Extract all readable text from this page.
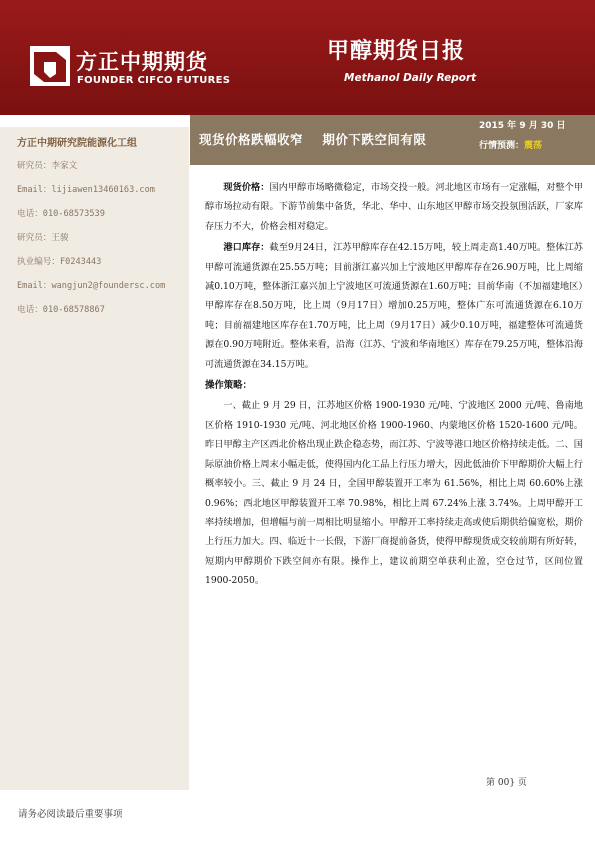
方正中期期货
FOUNDER CIFCO FUTURES
甲醇期货日报
Methanol Daily Report
方正中期研究院能源化工组
研究员：李家文
Email：lijiawen13460163.com
电话：010-68573539
研究员：王骏
执业编号：F0243443
Email：wangjun2@foundersc.com
电话：010-68578867
现货价格跌幅收窄    期价下跌空间有限
2015 年 9 月 30 日
行情预测：震荡

现货价格：国内甲醇市场略微稳定，市场交投一般。河北地区市场有一定涨幅，对整个甲醇市场拉动有限。下游节前集中备货，华北、华中、山东地区甲醇市场交投氛围活跃，厂家库存压力不大，价格会相对稳定。

港口库存：截至9月24日，江苏甲醇库存在42.15万吨，较上周走高1.40万吨。整体江苏甲醇可流通货源在25.55万吨；目前浙江嘉兴加上宁波地区甲醇库存在26.90万吨，比上周缩减0.10万吨，整体浙江嘉兴加上宁波地区可流通货源在1.60万吨；目前华南（不加福建地区）甲醇库存在8.50万吨，比上周（9月17日）增加0.25万吨，整体广东可流通货源在6.10万吨；目前福建地区库存在1.70万吨，比上周（9月17日）减少0.10万吨，福建整体可流通货源在0.90万吨附近。整体来看，沿海（江苏、宁波和华南地区）库存在79.25万吨，整体沿海可流通货源在34.15万吨。

操作策略：

一、截止 9 月 29 日，江苏地区价格 1900-1930 元/吨、宁波地区 2000 元/吨、鲁南地区价格 1910-1930 元/吨、河北地区价格 1900-1960、内蒙地区价格 1520-1600 元/吨。昨日甲醇主产区西北价格出现止跌企稳态势，而江苏、宁波等港口地区价格持续走低。二、国际原油价格上周末小幅走低，使得国内化工品上行压力增大，因此低油价下甲醇期价大幅上行概率较小。三、截止 9 月 24 日，全国甲醇装置开工率为 61.56%，相比上周 60.60%上涨 0.96%；西北地区甲醇装置开工率 70.98%，相比上周 67.24%上涨 3.74%。上周甲醇开工率持续增加，但增幅与前一周相比明显缩小。甲醇开工率持续走高或使后期供给偏宽松，期价上行压力加大。四、临近十一长假，下游厂商提前备货，使得甲醇现货成交较前期有所好转，短期内甲醇期价下跌空间亦有限。操作上，建议前期空单获利止盈，空仓过节，区间位置 1900-2050。

第 00} 页
请务必阅读最后重要事项
